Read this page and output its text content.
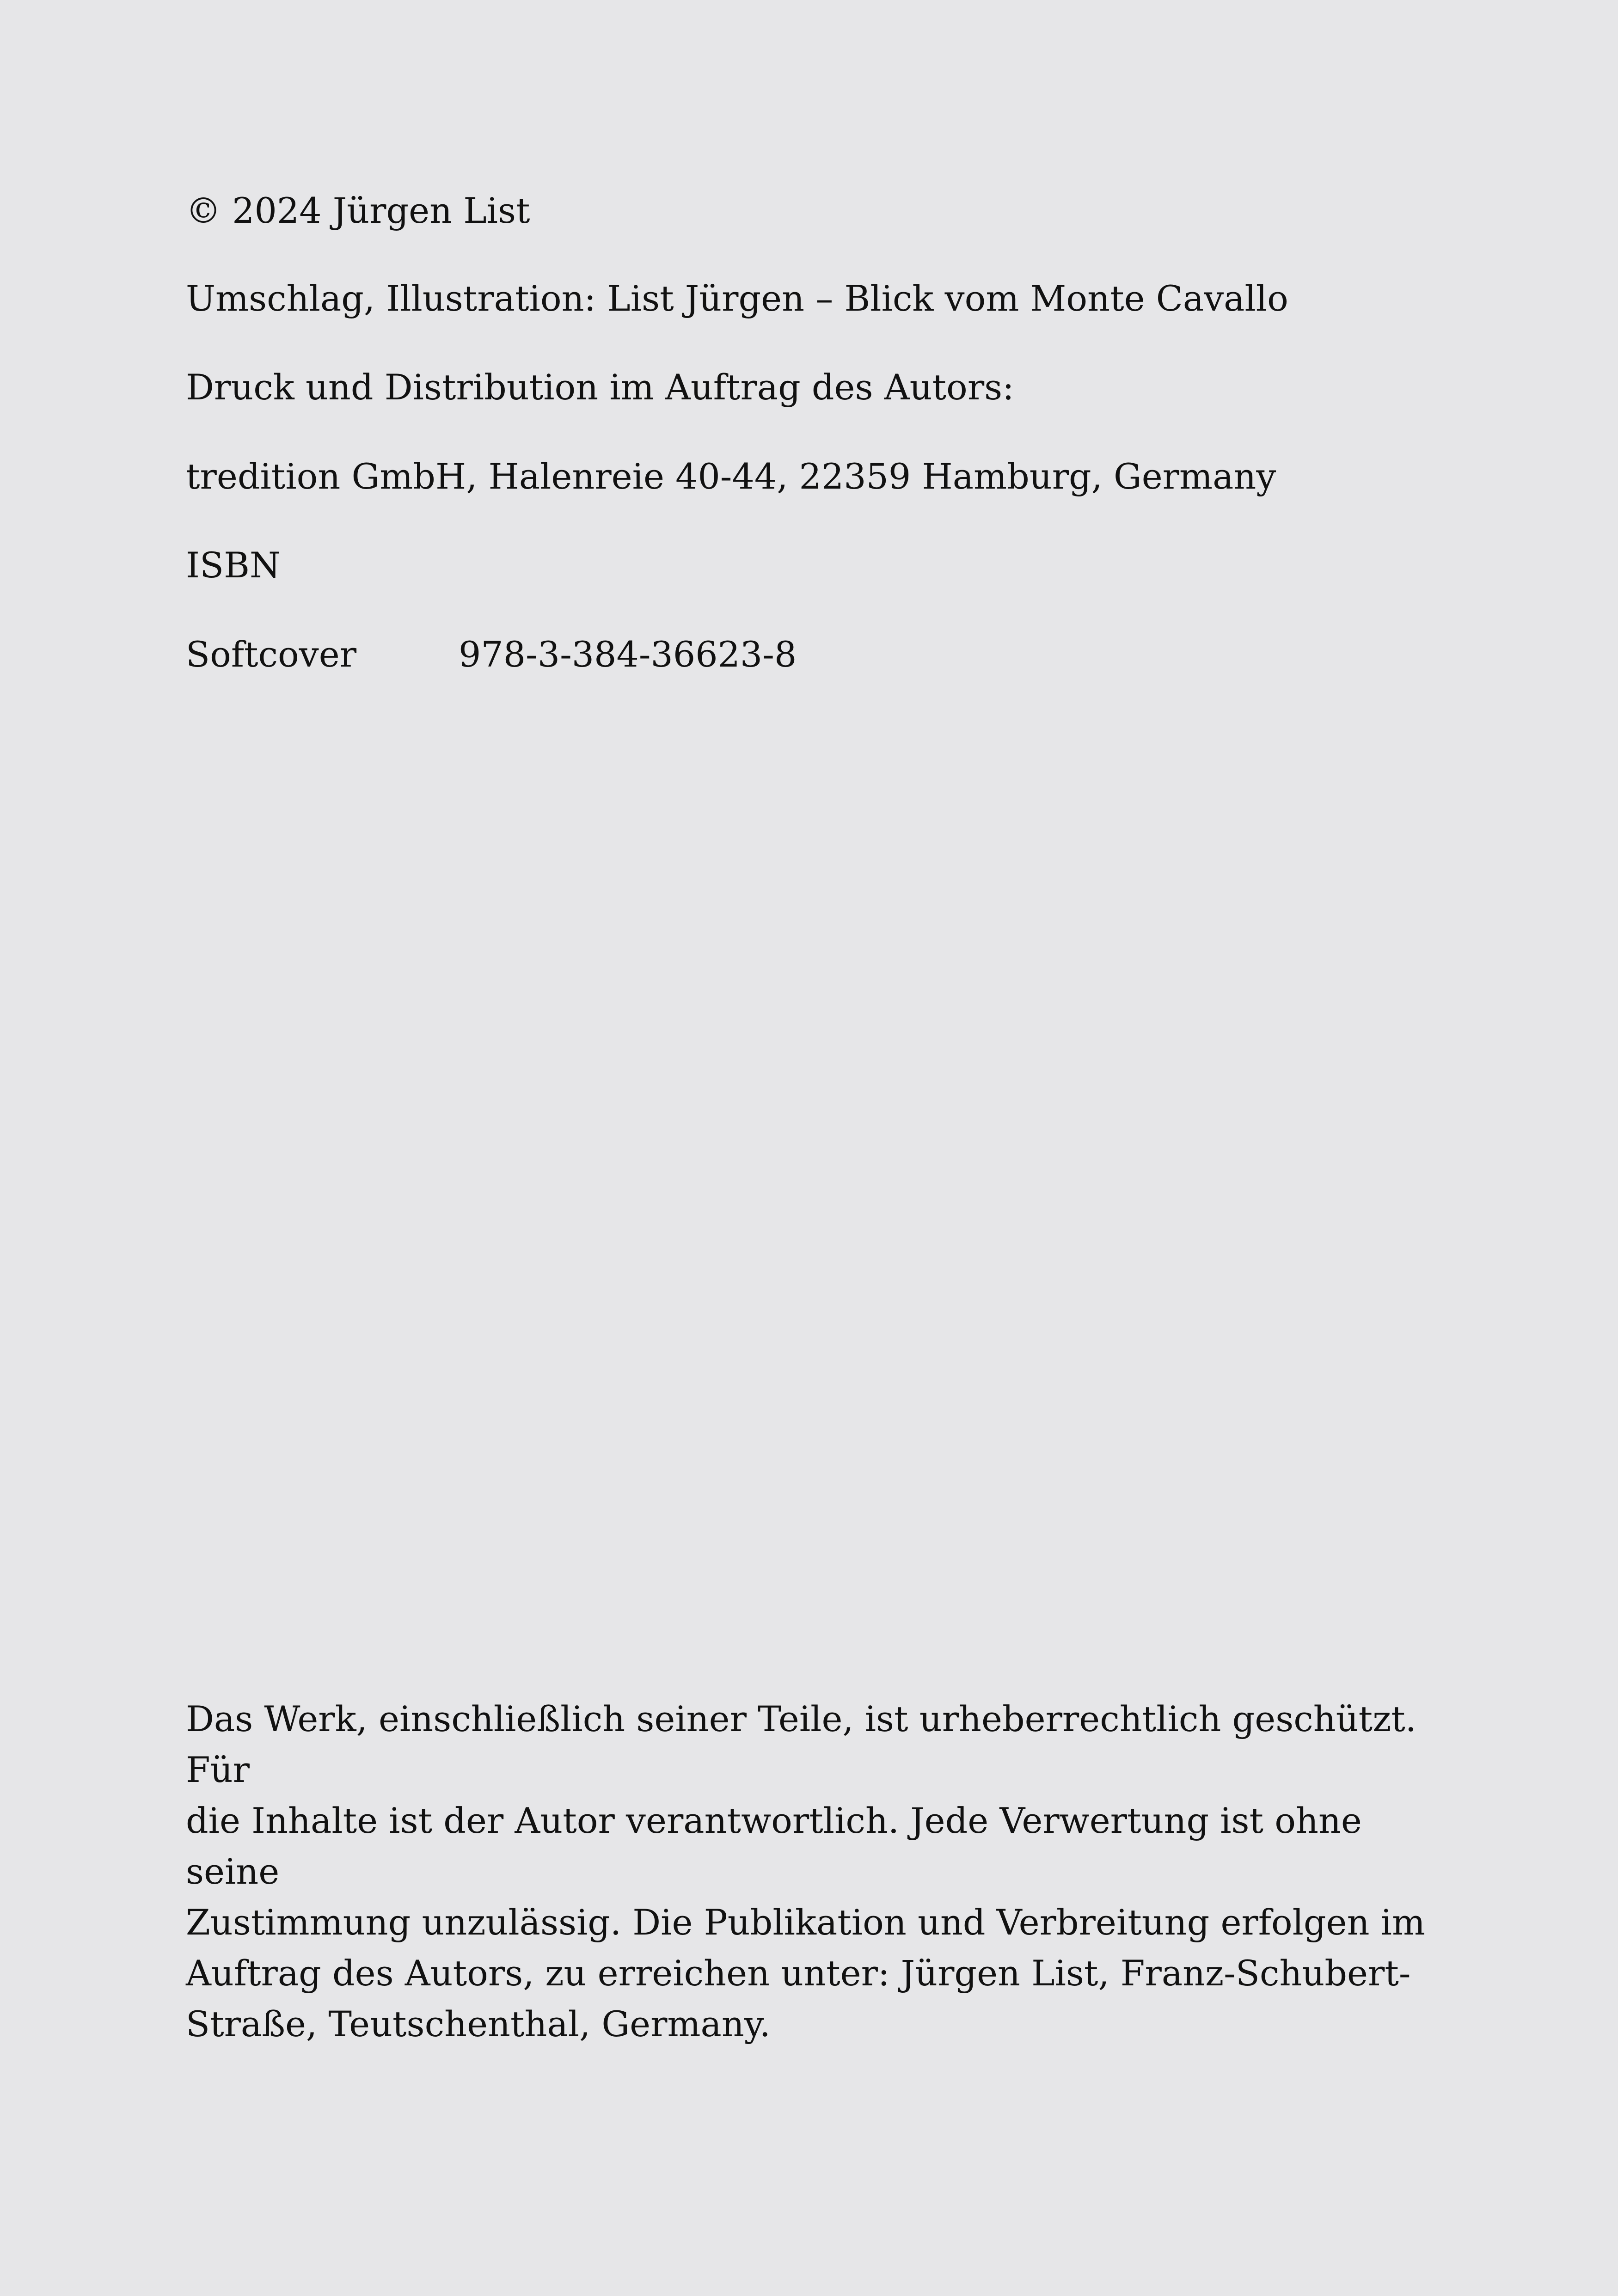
© 2024 Jürgen List

Umschlag, Illustration: List Jürgen – Blick vom Monte Cavallo

Druck und Distribution im Auftrag des Autors:

tredition GmbH, Halenreie 40-44, 22359 Hamburg, Germany

ISBN

Softcover	978-3-384-36623-8
Das Werk, einschließlich seiner Teile, ist urheberrechtlich geschützt. Für
die Inhalte ist der Autor verantwortlich. Jede Verwertung ist ohne seine
Zustimmung unzulässig. Die Publikation und Verbreitung erfolgen im
Auftrag des Autors, zu erreichen unter: Jürgen List, Franz-Schubert-
Straße, Teutschenthal, Germany.
